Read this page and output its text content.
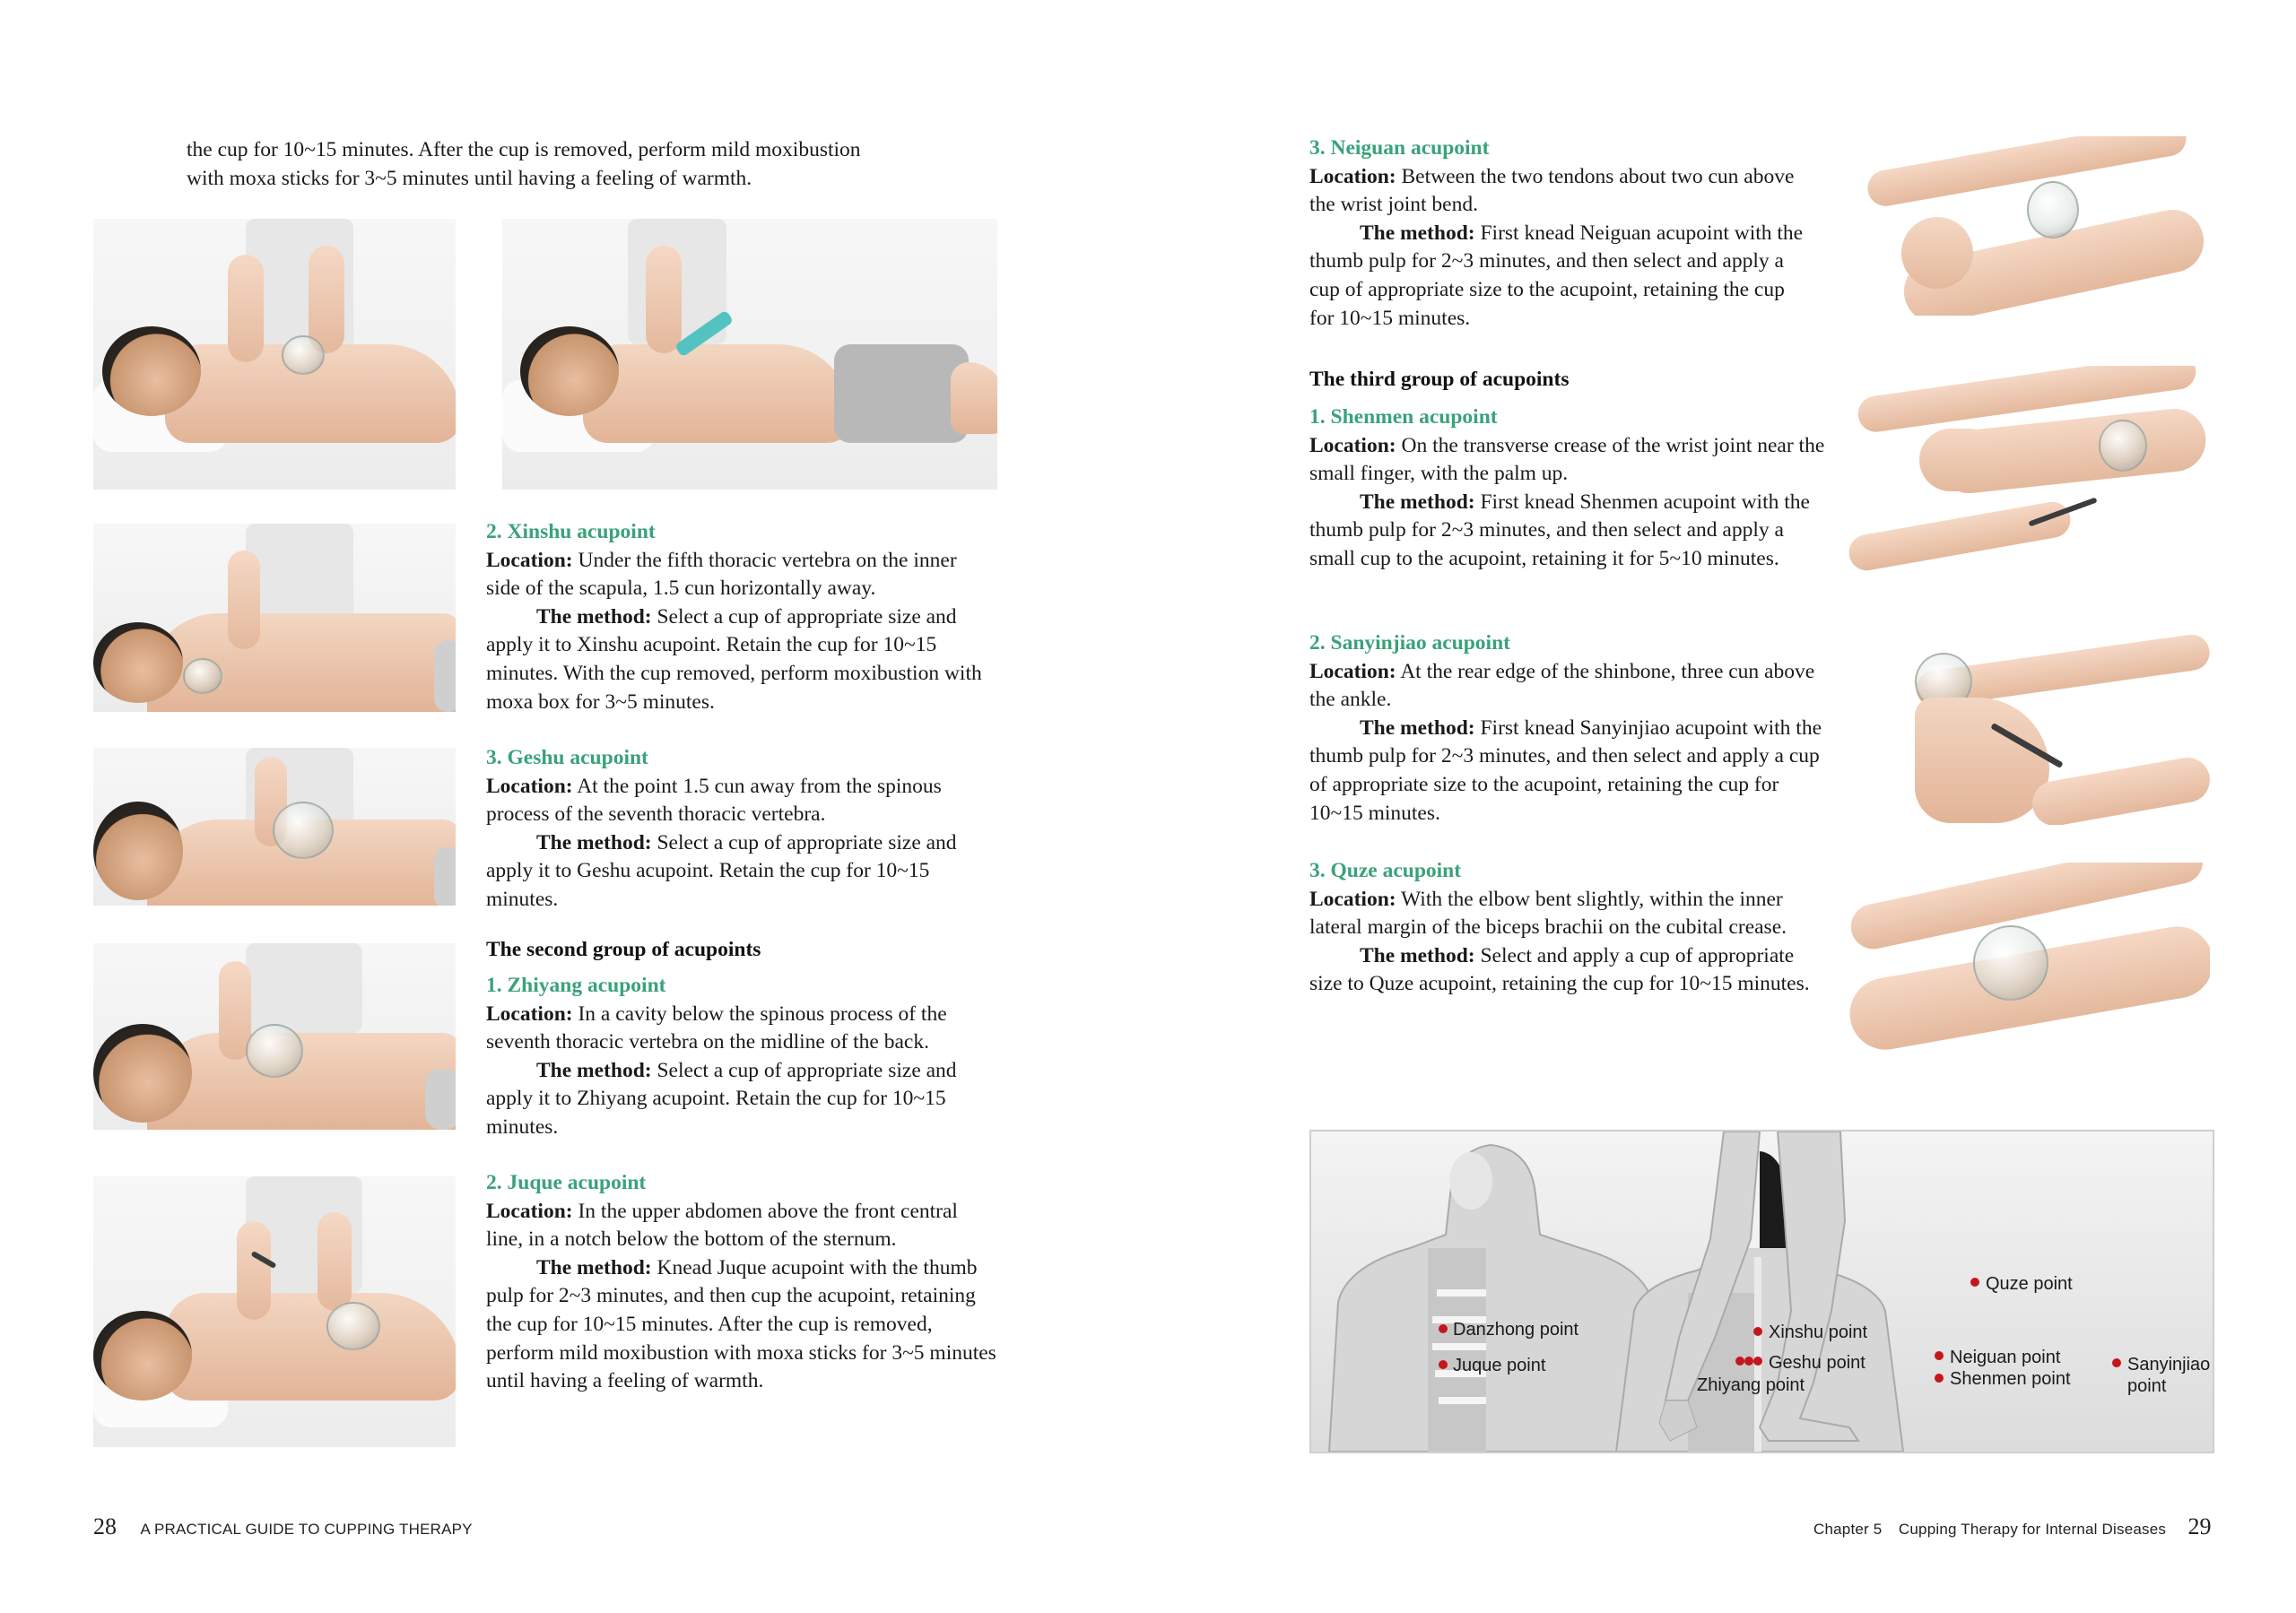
the cup for 10~15 minutes. After the cup is removed, perform mild moxibustion

with moxa sticks for 3~5 minutes until having a feeling of warmth.

2. Xinshu acupoint

Location: Under the fifth thoracic vertebra on the inner side of the scapula, 1.5 cun horizontally away.

The method: Select a cup of appropriate size and apply it to Xinshu acupoint. Retain the cup for 10~15 minutes. With the cup removed, perform moxibustion with moxa box for 3~5 minutes.

3. Geshu acupoint

Location: At the point 1.5 cun away from the spinous process of the seventh thoracic vertebra.

The method: Select a cup of appropriate size and apply it to Geshu acupoint. Retain the cup for 10~15 minutes.

The second group of acupoints

1. Zhiyang acupoint

Location: In a cavity below the spinous process of the seventh thoracic vertebra on the midline of the back.

The method: Select a cup of appropriate size and apply it to Zhiyang acupoint. Retain the cup for 10~15 minutes.

2. Juque acupoint

Location: In the upper abdomen above the front central line, in a notch below the bottom of the sternum.

The method: Knead Juque acupoint with the thumb pulp for 2~3 minutes, and then cup the acupoint, retaining the cup for 10~15 minutes. After the cup is removed, perform mild moxibustion with moxa sticks for 3~5 minutes until having a feeling of warmth.

28 A PRACTICAL GUIDE TO CUPPING THERAPY

3. Neiguan acupoint

Location: Between the two tendons about two cun above the wrist joint bend.

The method: First knead Neiguan acupoint with the thumb pulp for 2~3 minutes, and then select and apply a cup of appropriate size to the acupoint, retaining the cup for 10~15 minutes.

The third group of acupoints

1. Shenmen acupoint

Location: On the transverse crease of the wrist joint near the small finger, with the palm up.

The method: First knead Shenmen acupoint with the thumb pulp for 2~3 minutes, and then select and apply a small cup to the acupoint, retaining it for 5~10 minutes.

2. Sanyinjiao acupoint

Location: At the rear edge of the shinbone, three cun above the ankle.

The method: First knead Sanyinjiao acupoint with the thumb pulp for 2~3 minutes, and then select and apply a cup of appropriate size to the acupoint, retaining the cup for 10~15 minutes.

3. Quze acupoint

Location: With the elbow bent slightly, within the inner lateral margin of the biceps brachii on the cubital crease.

The method: Select and apply a cup of appropriate size to Quze acupoint, retaining the cup for 10~15 minutes.

Danzhong point
Juque point
Xinshu point
Geshu point
Zhiyang point
Quze point
Neiguan point
Shenmen point
Sanyinjiao
point
Chapter 5 Cupping Therapy for Internal Diseases 29
